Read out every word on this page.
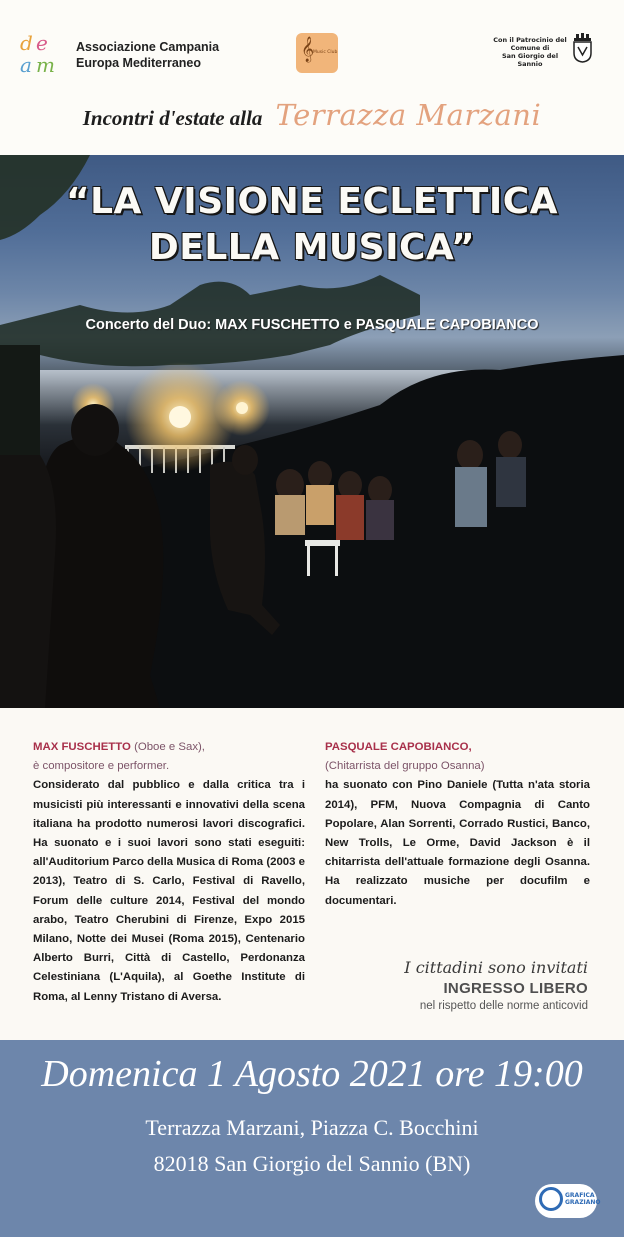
d e
a m
Associazione Campania
Europa Mediterraneo
𝄞
Music Club
Con il Patrocinio del
Comune di
San Giorgio del Sannio
Incontri d'estate alla Terrazza Marzani
“LA VISIONE ECLETTICA
DELLA MUSICA”
Concerto del Duo: MAX FUSCHETTO e PASQUALE CAPOBIANCO

MAX FUSCHETTO (Oboe e Sax),

è compositore e performer.

Considerato dal pubblico e dalla critica tra i musicisti più interessanti e innovativi della scena italiana ha prodotto numerosi lavori discografici. Ha suonato e i suoi lavori sono stati eseguiti: all'Auditorium Parco della Musica di Roma (2003 e 2013), Teatro di S. Carlo, Festival di Ravello, Forum delle culture 2014, Festival del mondo arabo, Teatro Cherubini di Firenze, Expo 2015 Milano, Notte dei Musei (Roma 2015), Centenario Alberto Burri, Città di Castello, Perdonanza Celestiniana (L'Aquila), al Goethe Institute di Roma, al Lenny Tristano di Aversa.

PASQUALE CAPOBIANCO,

(Chitarrista del gruppo Osanna)

ha suonato con Pino Daniele (Tutta n'ata storia 2014), PFM, Nuova Compagnia di Canto Popolare, Alan Sorrenti, Corrado Rustici, Banco, New Trolls, Le Orme, David Jackson è il chitarrista dell'attuale formazione degli Osanna. Ha realizzato musiche per docufilm e documentari.

I cittadini sono invitati
INGRESSO LIBERO
nel rispetto delle norme anticovid
Domenica 1 Agosto 2021 ore 19:00
Terrazza Marzani, Piazza C. Bocchini
82018 San Giorgio del Sannio (BN)
GRAFICA
GRAZIANO
